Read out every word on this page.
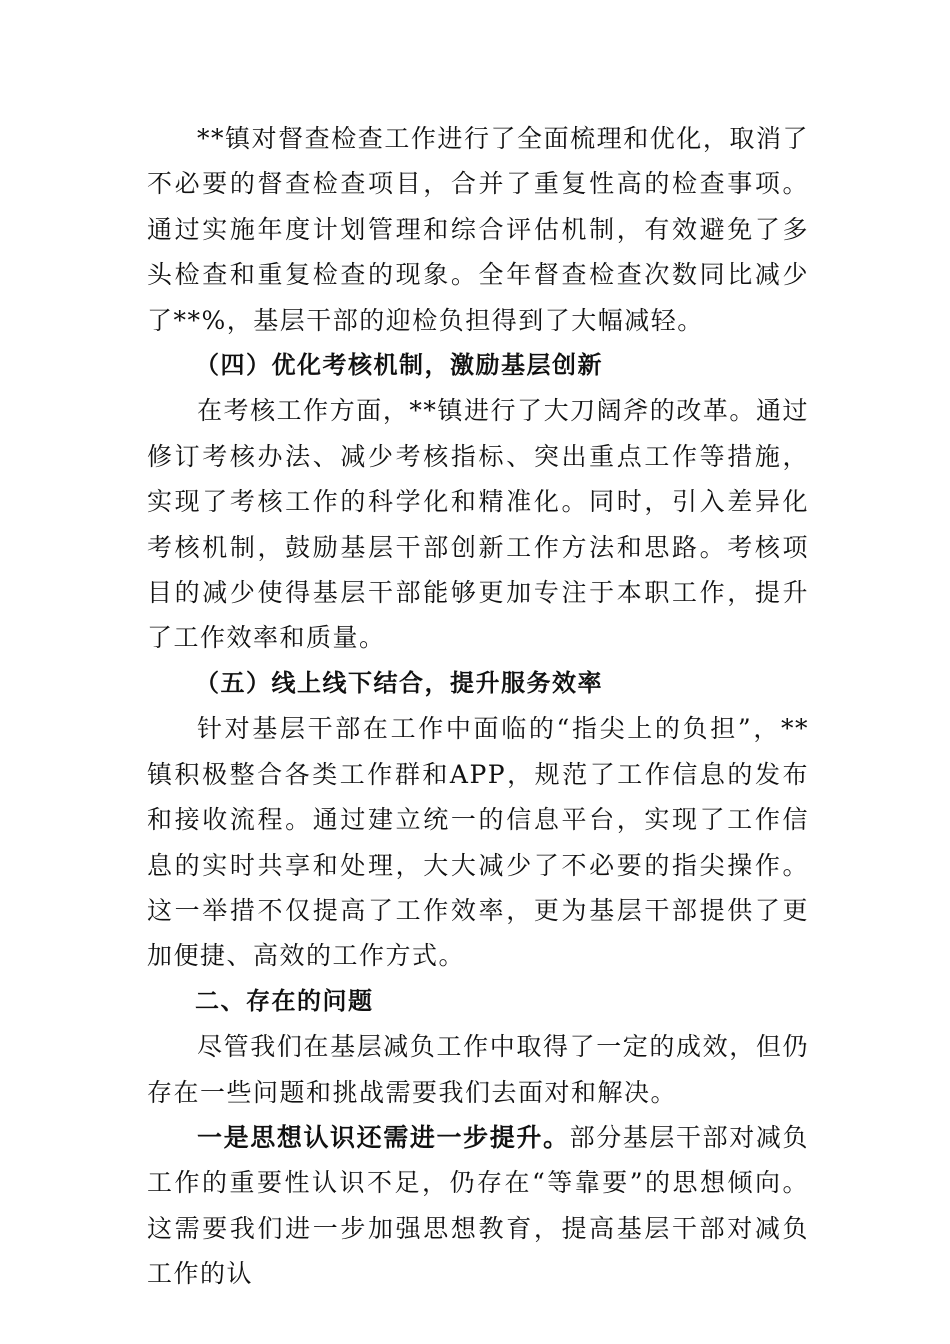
**镇对督查检查工作进行了全面梳理和优化，取消了不必要的督查检查项目，合并了重复性高的检查事项。通过实施年度计划管理和综合评估机制，有效避免了多头检查和重复检查的现象。全年督查检查次数同比减少了**%，基层干部的迎检负担得到了大幅减轻。

（四）优化考核机制，激励基层创新

在考核工作方面，**镇进行了大刀阔斧的改革。通过修订考核办法、减少考核指标、突出重点工作等措施，实现了考核工作的科学化和精准化。同时，引入差异化考核机制，鼓励基层干部创新工作方法和思路。考核项目的减少使得基层干部能够更加专注于本职工作，提升了工作效率和质量。

（五）线上线下结合，提升服务效率

针对基层干部在工作中面临的“指尖上的负担”，**镇积极整合各类工作群和APP，规范了工作信息的发布和接收流程。通过建立统一的信息平台，实现了工作信息的实时共享和处理，大大减少了不必要的指尖操作。这一举措不仅提高了工作效率，更为基层干部提供了更加便捷、高效的工作方式。

二、存在的问题

尽管我们在基层减负工作中取得了一定的成效，但仍存在一些问题和挑战需要我们去面对和解决。

一是思想认识还需进一步提升。部分基层干部对减负工作的重要性认识不足，仍存在“等靠要”的思想倾向。这需要我们进一步加强思想教育，提高基层干部对减负工作的认
